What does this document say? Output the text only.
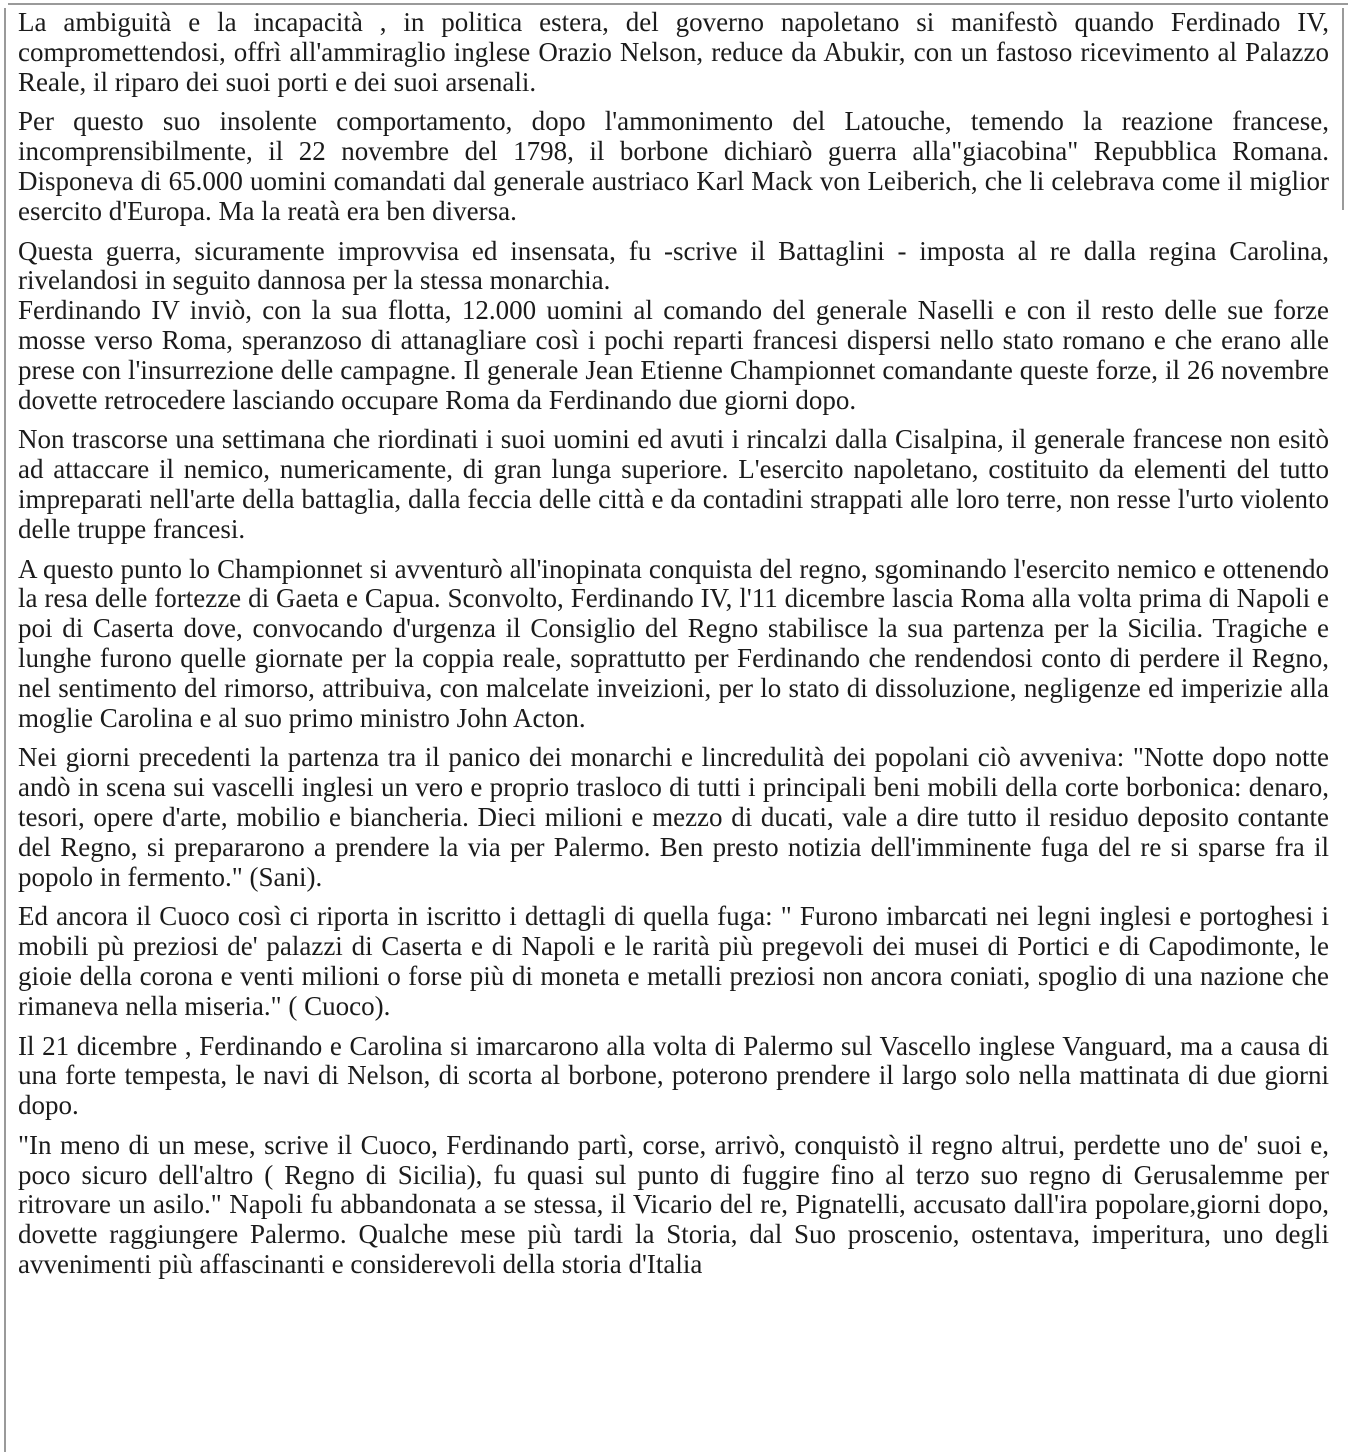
La ambiguità e la incapacità , in politica estera, del governo napoletano si manifestò quando Ferdinado IV, compromettendosi, offrì all'ammiraglio inglese Orazio Nelson, reduce da Abukir, con un fastoso ricevimento al Palazzo Reale, il riparo dei suoi porti e dei suoi arsenali.

Per questo suo insolente comportamento, dopo l'ammonimento del Latouche, temendo la reazione francese, incomprensibilmente, il 22 novembre del 1798, il borbone dichiarò guerra alla"giacobina" Repubblica Romana. Disponeva di 65.000 uomini comandati dal generale austriaco Karl Mack von Leiberich, che li celebrava come il miglior esercito d'Europa. Ma la reatà era ben diversa.

Questa guerra, sicuramente improvvisa ed insensata, fu -scrive il Battaglini - imposta al re dalla regina Carolina, rivelandosi in seguito dannosa per la stessa monarchia.

Ferdinando IV inviò, con la sua flotta, 12.000 uomini al comando del generale Naselli e con il resto delle sue forze mosse verso Roma, speranzoso di attanagliare così i pochi reparti francesi dispersi nello stato romano e che erano alle prese con l'insurrezione delle campagne. Il generale Jean Etienne Championnet comandante queste forze, il 26 novembre dovette retrocedere lasciando occupare Roma da Ferdinando due giorni dopo.

Non trascorse una settimana che riordinati i suoi uomini ed avuti i rincalzi dalla Cisalpina, il generale francese non esitò ad attaccare il nemico, numericamente, di gran lunga superiore. L'esercito napoletano, costituito da elementi del tutto impreparati nell'arte della battaglia, dalla feccia delle città e da contadini strappati alle loro terre, non resse l'urto violento delle truppe francesi.

A questo punto lo Championnet si avventurò all'inopinata conquista del regno, sgominando l'esercito nemico e ottenendo la resa delle fortezze di Gaeta e Capua. Sconvolto, Ferdinando IV, l'11 dicembre lascia Roma alla volta prima di Napoli e poi di Caserta dove, convocando d'urgenza il Consiglio del Regno stabilisce la sua partenza per la Sicilia. Tragiche e lunghe furono quelle giornate per la coppia reale, soprattutto per Ferdinando che rendendosi conto di perdere il Regno, nel sentimento del rimorso, attribuiva, con malcelate inveizioni, per lo stato di dissoluzione, negligenze ed imperizie alla moglie Carolina e al suo primo ministro John Acton.

Nei giorni precedenti la partenza tra il panico dei monarchi e lincredulità dei popolani ciò avveniva: "Notte dopo notte andò in scena sui vascelli inglesi un vero e proprio trasloco di tutti i principali beni mobili della corte borbonica: denaro, tesori, opere d'arte, mobilio e biancheria. Dieci milioni e mezzo di ducati, vale a dire tutto il residuo deposito contante del Regno, si prepararono a prendere la via per Palermo. Ben presto notizia dell'imminente fuga del re si sparse fra il popolo in fermento." (Sani).

Ed ancora il Cuoco così ci riporta in iscritto i dettagli di quella fuga: " Furono imbarcati nei legni inglesi e portoghesi i mobili pù preziosi de' palazzi di Caserta e di Napoli e le rarità più pregevoli dei musei di Portici e di Capodimonte, le gioie della corona e venti milioni o forse più di moneta e metalli preziosi non ancora coniati, spoglio di una nazione che rimaneva nella miseria." ( Cuoco).

Il 21 dicembre , Ferdinando e Carolina si imarcarono alla volta di Palermo sul Vascello inglese Vanguard, ma a causa di una forte tempesta, le navi di Nelson, di scorta al borbone, poterono prendere il largo solo nella mattinata di due giorni dopo.

"In meno di un mese, scrive il Cuoco, Ferdinando partì, corse, arrivò, conquistò il regno altrui, perdette uno de' suoi e, poco sicuro dell'altro ( Regno di Sicilia), fu quasi sul punto di fuggire fino al terzo suo regno di Gerusalemme per ritrovare un asilo." Napoli fu abbandonata a se stessa, il Vicario del re, Pignatelli, accusato dall'ira popolare,giorni dopo, dovette raggiungere Palermo. Qualche mese più tardi la Storia, dal Suo proscenio, ostentava, imperitura, uno degli avvenimenti più affascinanti e considerevoli della storia d'Italia
